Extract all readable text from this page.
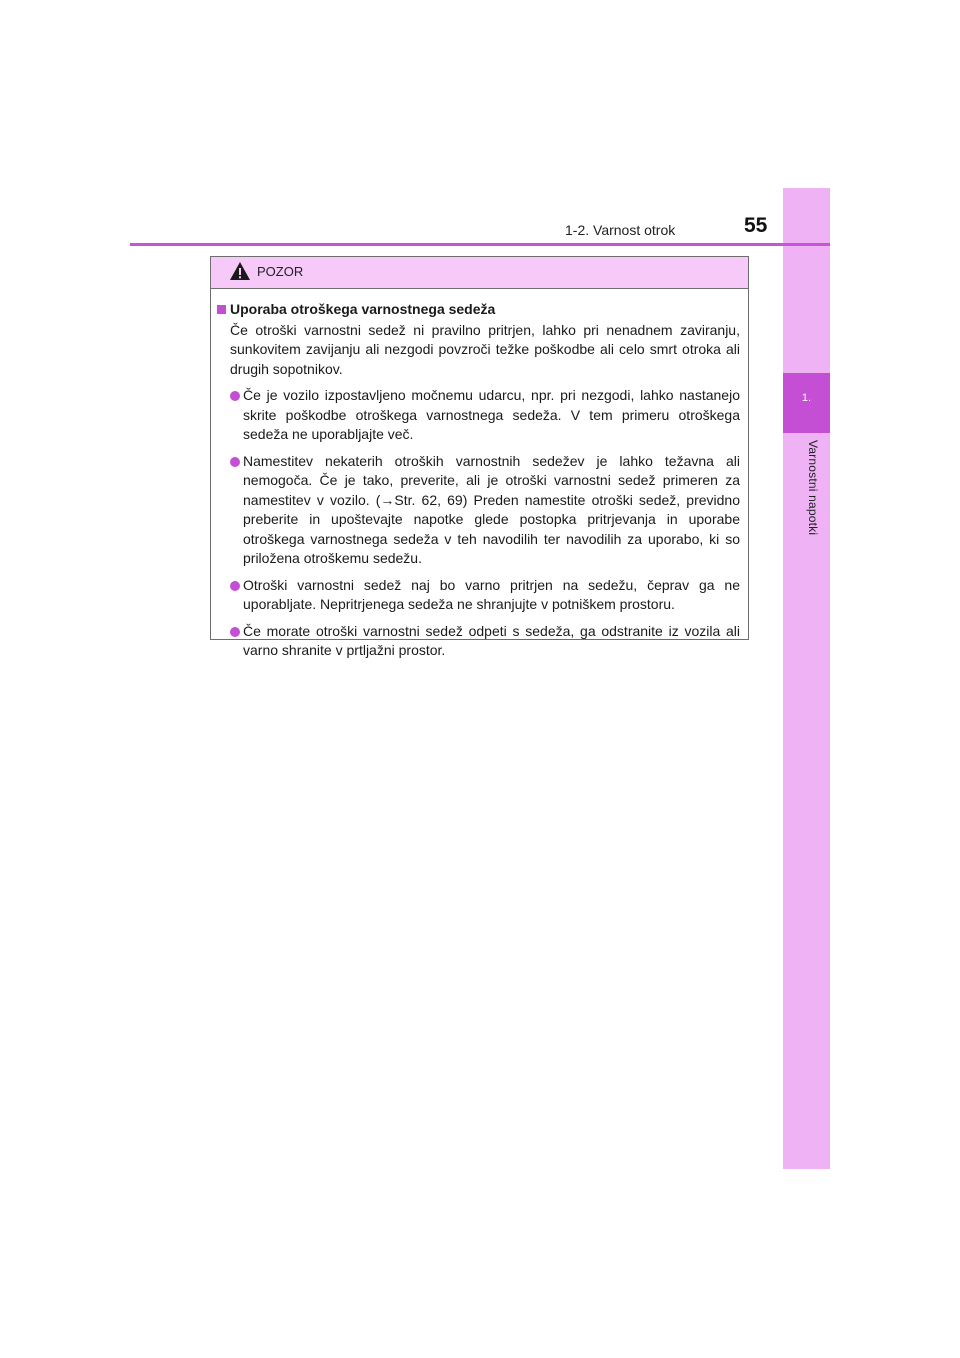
1.
Varnostni napotki
1-2. Varnost otrok	55
POZOR
Uporaba otroškega varnostnega sedeža
Če otroški varnostni sedež ni pravilno pritrjen, lahko pri nenadnem zaviranju, sunkovitem zavijanju ali nezgodi povzroči težke poškodbe ali celo smrt otroka ali drugih sopotnikov.
Če je vozilo izpostavljeno močnemu udarcu, npr. pri nezgodi, lahko nastanejo skrite poškodbe otroškega varnostnega sedeža. V tem primeru otroškega sedeža ne uporabljajte več.
Namestitev nekaterih otroških varnostnih sedežev je lahko težavna ali nemogoča. Če je tako, preverite, ali je otroški varnostni sedež primeren za namestitev v vozilo. (→Str. 62, 69) Preden namestite otroški sedež, previdno preberite in upoštevajte napotke glede postopka pritrjevanja in uporabe otroškega varnostnega sedeža v teh navodilih ter navodilih za uporabo, ki so priložena otroškemu sedežu.
Otroški varnostni sedež naj bo varno pritrjen na sedežu, čeprav ga ne uporabljate. Nepritrjenega sedeža ne shranjujte v potniškem prostoru.
Če morate otroški varnostni sedež odpeti s sedeža, ga odstranite iz vozila ali varno shranite v prtljažni prostor.
